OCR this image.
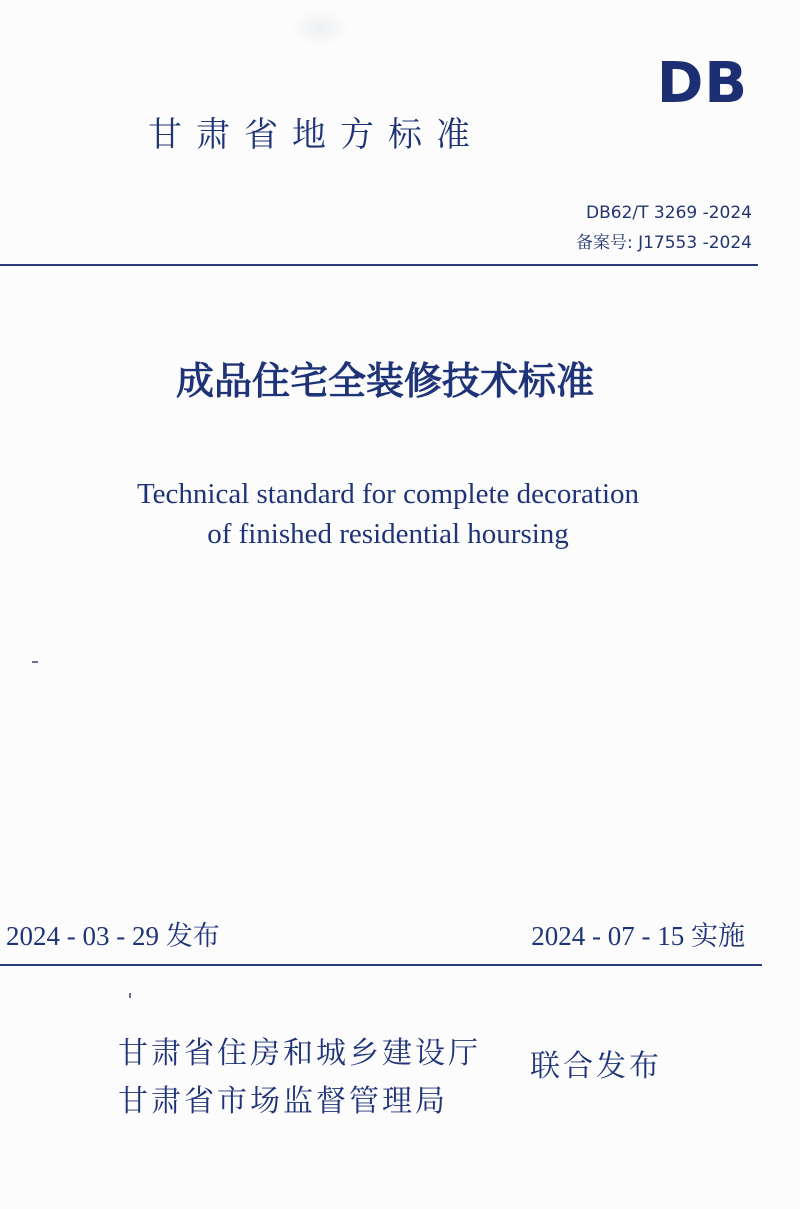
DB
甘肃省地方标准
DB62/T 3269 -2024
备案号: J17553 -2024
成品住宅全装修技术标准
Technical standard for complete decoration
of finished residential hoursing
2024 - 03 - 29 发布	2024 - 07 - 15 实施
甘肃省住房和城乡建设厅
甘肃省市场监督管理局
联合发布
